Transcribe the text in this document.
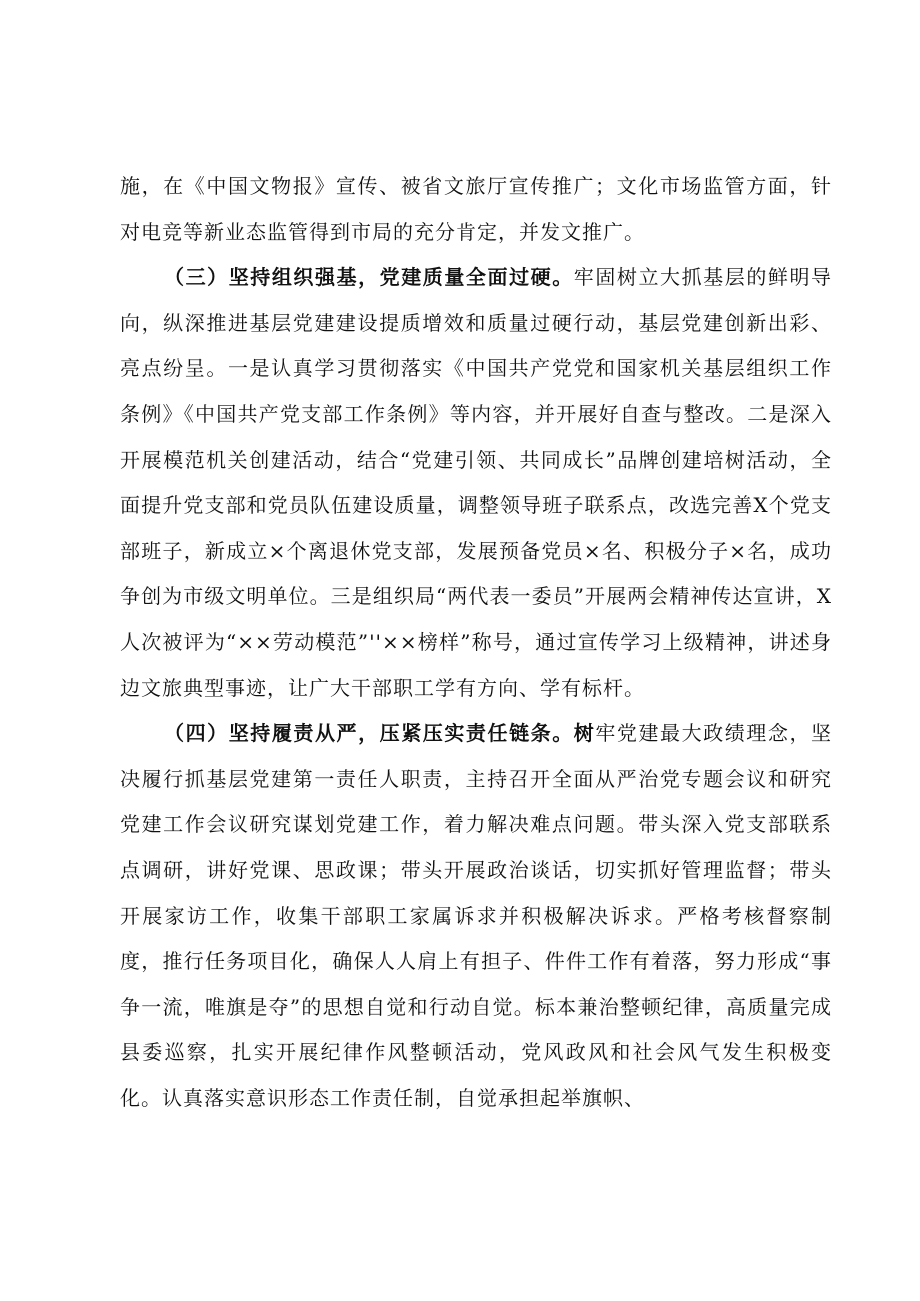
施，在《中国文物报》宣传、被省文旅厅宣传推广；文化市场监管方面，针对电竞等新业态监管得到市局的充分肯定，并发文推广。

（三）坚持组织强基，党建质量全面过硬。牢固树立大抓基层的鲜明导向，纵深推进基层党建建设提质增效和质量过硬行动，基层党建创新出彩、亮点纷呈。一是认真学习贯彻落实《中国共产党党和国家机关基层组织工作条例》《中国共产党支部工作条例》等内容，并开展好自查与整改。二是深入开展模范机关创建活动，结合“党建引领、共同成长”品牌创建培树活动，全面提升党支部和党员队伍建设质量，调整领导班子联系点，改选完善X个党支部班子，新成立×个离退休党支部，发展预备党员×名、积极分子×名，成功争创为市级文明单位。三是组织局“两代表一委员”开展两会精神传达宣讲，X人次被评为“××劳动模范”''××榜样”称号，通过宣传学习上级精神，讲述身边文旅典型事迹，让广大干部职工学有方向、学有标杆。

（四）坚持履责从严，压紧压实责任链条。树牢党建最大政绩理念，坚决履行抓基层党建第一责任人职责，主持召开全面从严治党专题会议和研究党建工作会议研究谋划党建工作，着力解决难点问题。带头深入党支部联系点调研，讲好党课、思政课；带头开展政治谈话，切实抓好管理监督；带头开展家访工作，收集干部职工家属诉求并积极解决诉求。严格考核督察制度，推行任务项目化，确保人人肩上有担子、件件工作有着落，努力形成“事争一流，唯旗是夺”的思想自觉和行动自觉。标本兼治整顿纪律，高质量完成县委巡察，扎实开展纪律作风整顿活动，党风政风和社会风气发生积极变化。认真落实意识形态工作责任制，自觉承担起举旗帜、
